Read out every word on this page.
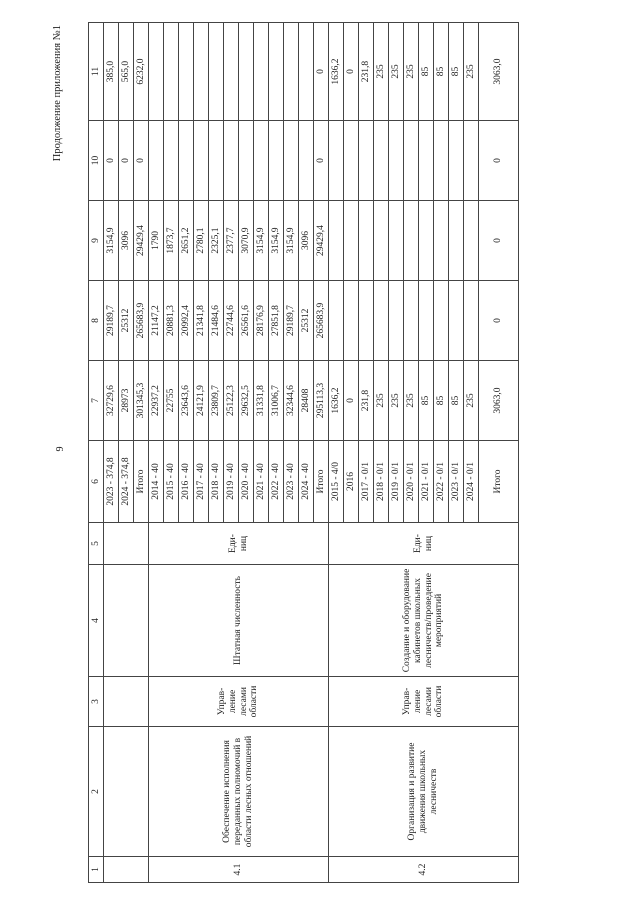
9
Продолжение приложения №1
1	2	3	4	5	6	7	8	9	10	11
					2023 - 374,8	32729,6	29189,7	3154,9	0	385,0
					2024 - 374,8	28973	25312	3096	0	565,0
					Итого	301345,3	265683,9	29429,4	0	6232,0
4.1	Обеспечение исполнения переданных полномочий в области лесных отношений	Управ- ление лесами области	Штатная численность	Еди- ниц	2014 - 40	22937,2	21147,2	1790		
					2015 - 40	22755	20881,3	1873,7		
					2016 - 40	23643,6	20992,4	2651,2		
					2017 - 40	24121,9	21341,8	2780,1		
					2018 - 40	23809,7	21484,6	2325,1		
					2019 - 40	25122,3	22744,6	2377,7		
					2020 - 40	29632,5	26561,6	3070,9		
					2021 - 40	31331,8	28176,9	3154,9		
					2022 - 40	31006,7	27851,8	3154,9		
					2023 - 40	32344,6	29189,7	3154,9		
					2024 - 40	28408	25312	3096		
					Итого	295113,3	265683,9	29429,4	0	0
4.2	Организация и развитие движения школьных лесничеств	Управ- ление лесами области	Создание и оборудование кабинетов школьных лесничеств/проведение мероприятий	Еди- ниц	2015 - 4/0	1636,2				1636,2
					2016	0				0
					2017 - 0/1	231,8				231,8
					2018 - 0/1	235				235
					2019 - 0/1	235				235
					2020 - 0/1	235				235
					2021 - 0/1	85				85
					2022 - 0/1	85				85
					2023 - 0/1	85				85
					2024 - 0/1	235				235
					Итого	3063,0	0	0	0	3063,0
